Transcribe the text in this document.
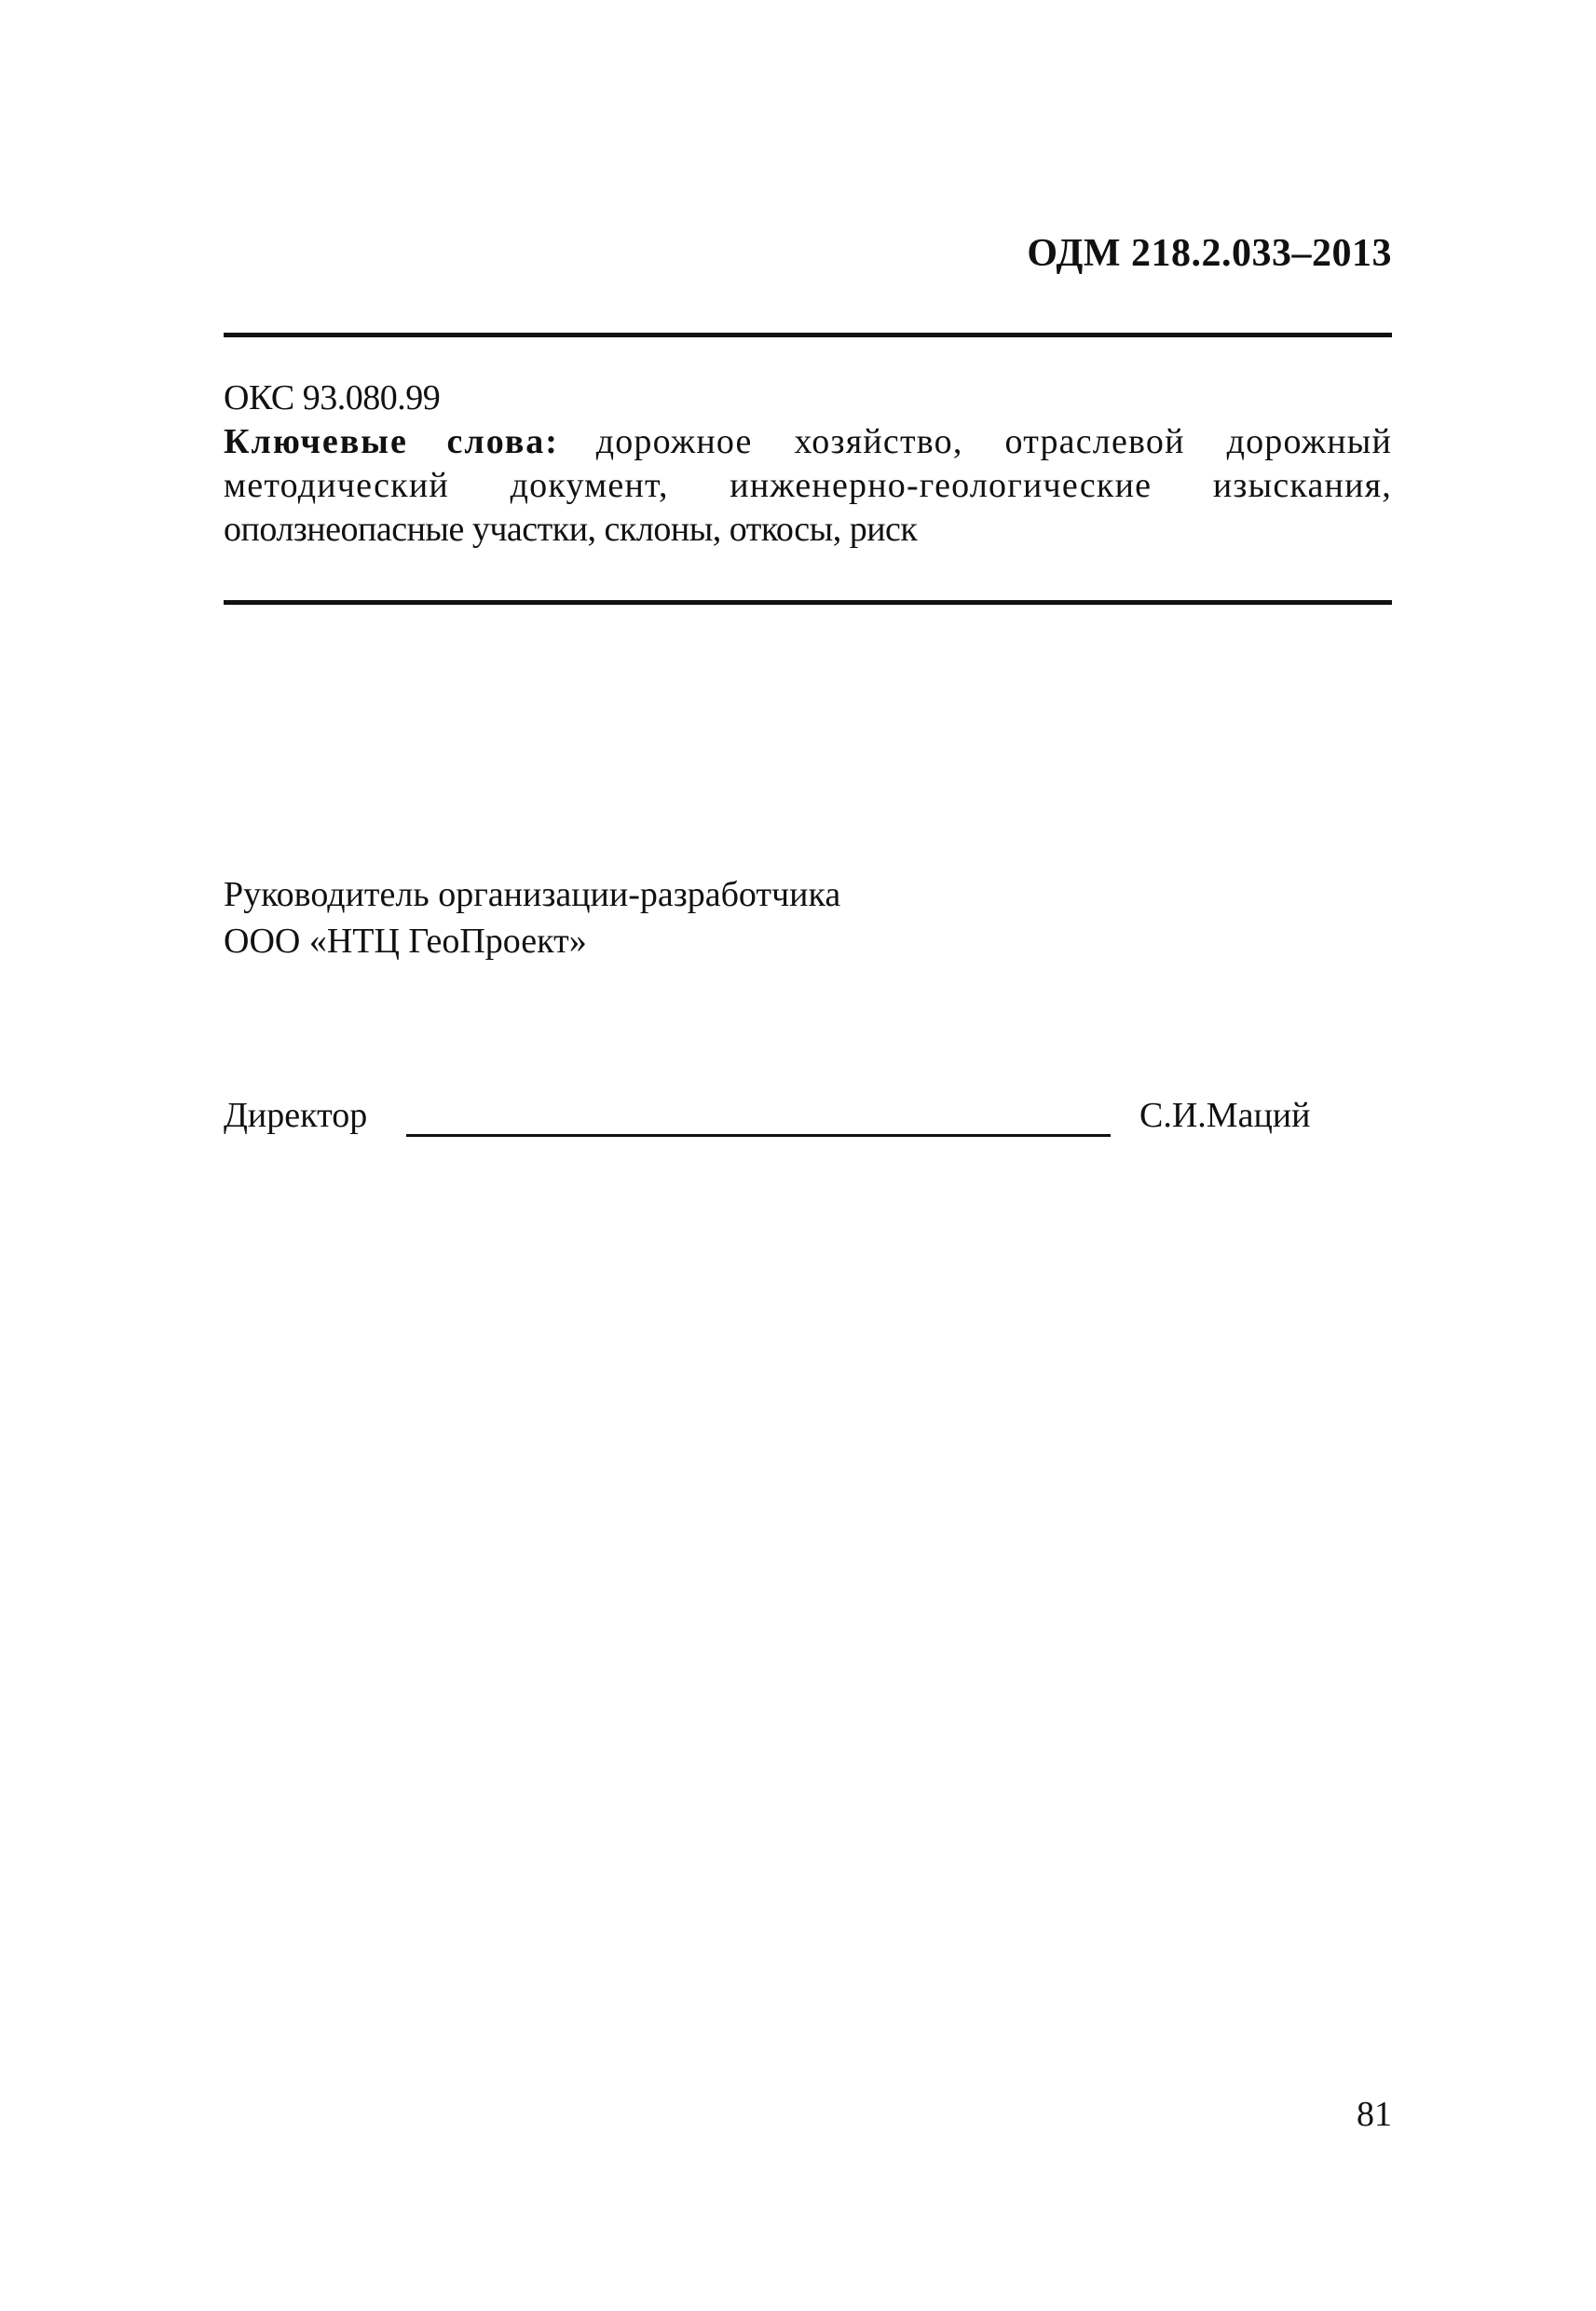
ОДМ 218.2.033–2013
ОКС 93.080.99
Ключевые слова: дорожное хозяйство, отраслевой дорожный
методический документ, инженерно-геологические изыскания,
оползнеопасные участки, склоны, откосы, риск
Руководитель организации-разработчика
ООО «НТЦ ГеоПроект»
Директор	С.И.Маций
81
